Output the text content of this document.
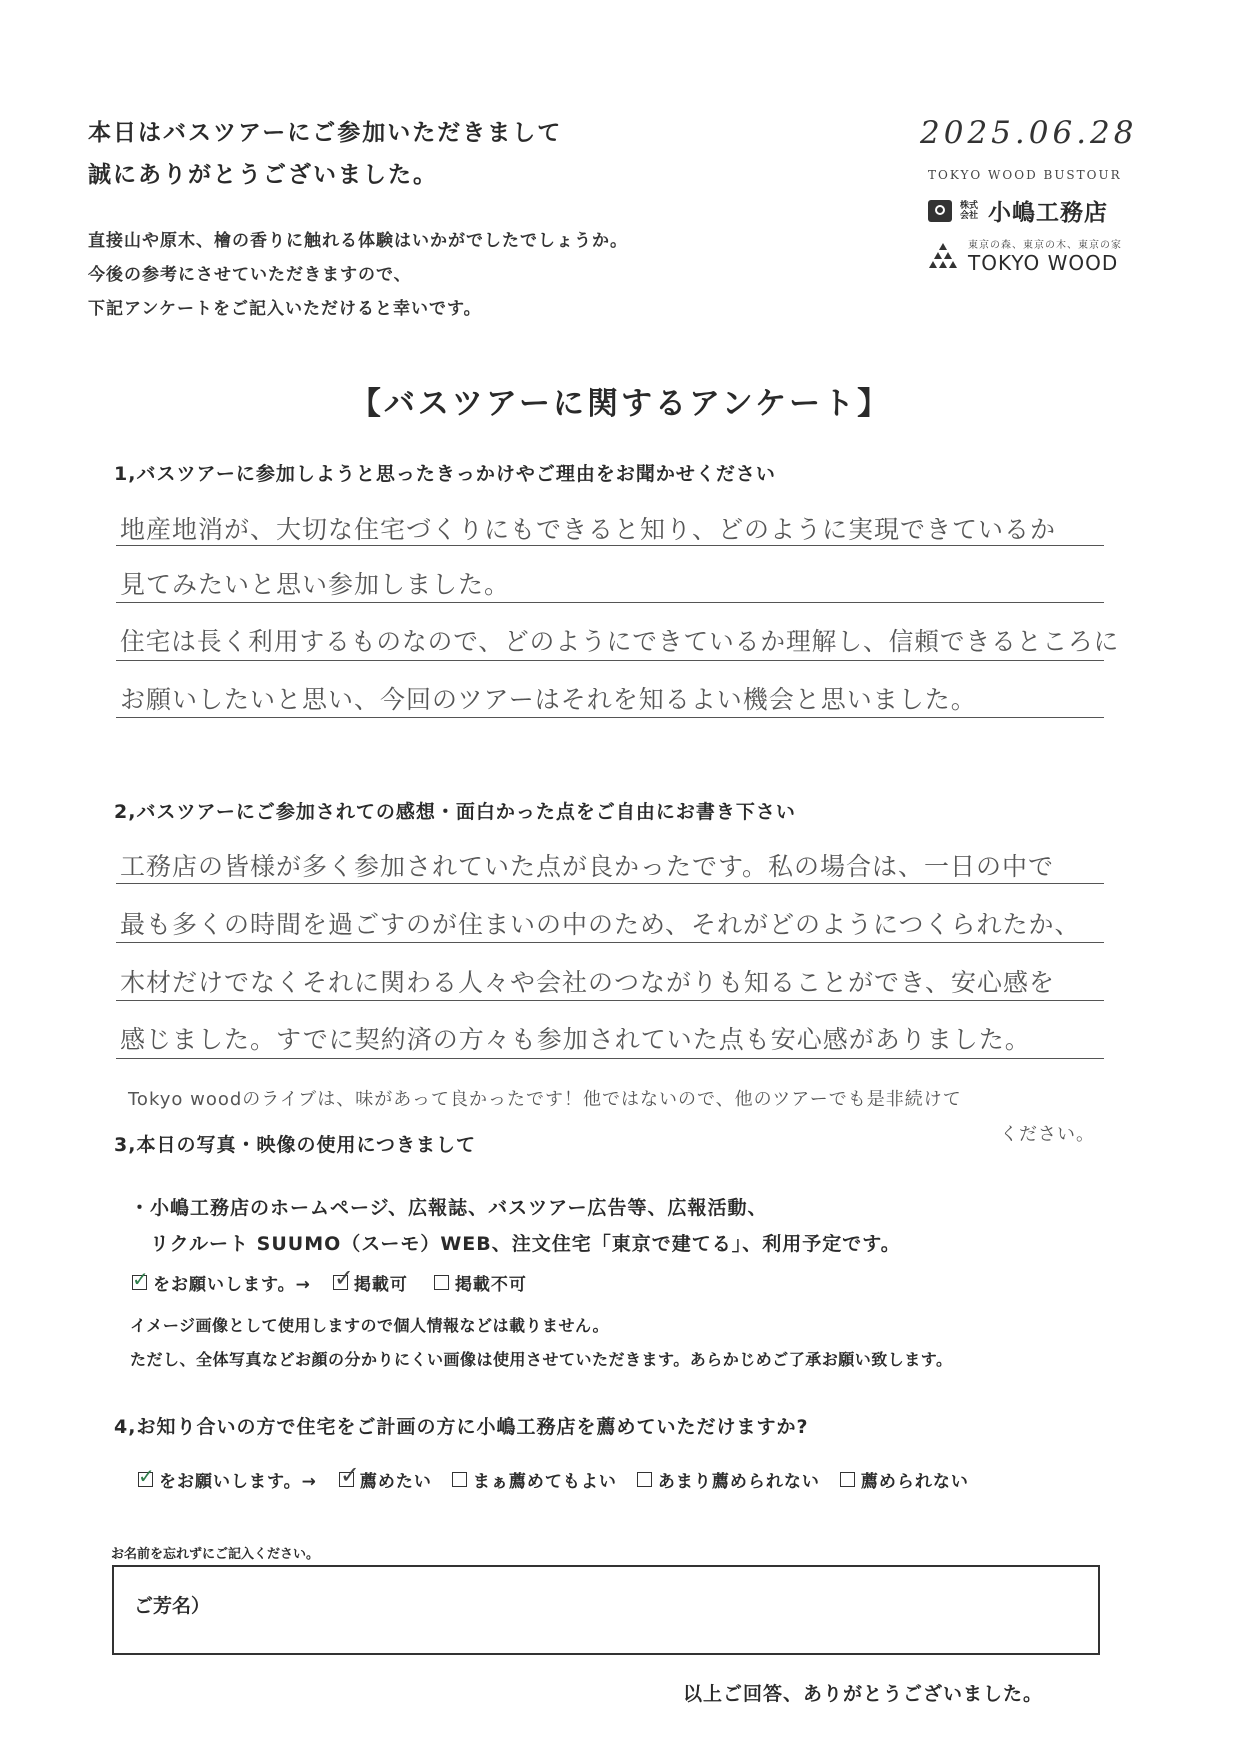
本日はバスツアーにご参加いただきまして
誠にありがとうございました。
直接山や原木、檜の香りに触れる体験はいかがでしたでしょうか。
今後の参考にさせていただきますので、
下記アンケートをご記入いただけると幸いです。
2025.06.28
TOKYO WOOD BUSTOUR
株式会社 小嶋工務店
東京の森、東京の木、東京の家
TOKYO WOOD
【バスツアーに関するアンケート】
1,バスツアーに参加しようと思ったきっかけやご理由をお聞かせください
地産地消が、大切な住宅づくりにもできると知り、どのように実現できているか
見てみたいと思い参加しました。
住宅は長く利用するものなので、どのようにできているか理解し、信頼できるところに
お願いしたいと思い、今回のツアーはそれを知るよい機会と思いました。
2,バスツアーにご参加されての感想・面白かった点をご自由にお書き下さい
工務店の皆様が多く参加されていた点が良かったです。私の場合は、一日の中で
最も多くの時間を過ごすのが住まいの中のため、それがどのようにつくられたか、
木材だけでなくそれに関わる人々や会社のつながりも知ることができ、安心感を
感じました。すでに契約済の方々も参加されていた点も安心感がありました。
Tokyo woodのライブは、味があって良かったです！他ではないので、他のツアーでも是非続けて
ください。
3,本日の写真・映像の使用につきまして
・小嶋工務店のホームページ、広報誌、バスツアー広告等、広報活動、
リクルート SUUMO（スーモ）WEB、注文住宅「東京で建てる」、利用予定です。
✓
をお願いします。→ ✓	掲載可	掲載不可
イメージ画像として使用しますので個人情報などは載りません。
ただし、全体写真などお顔の分かりにくい画像は使用させていただきます。あらかじめご了承お願い致します。
4,お知り合いの方で住宅をご計画の方に小嶋工務店を薦めていただけますか?
✓
をお願いします。→ ✓	薦めたい まぁ薦めてもよい あまり薦められない 薦められない
お名前を忘れずにご記入ください。
ご芳名）
以上ご回答、ありがとうございました。
